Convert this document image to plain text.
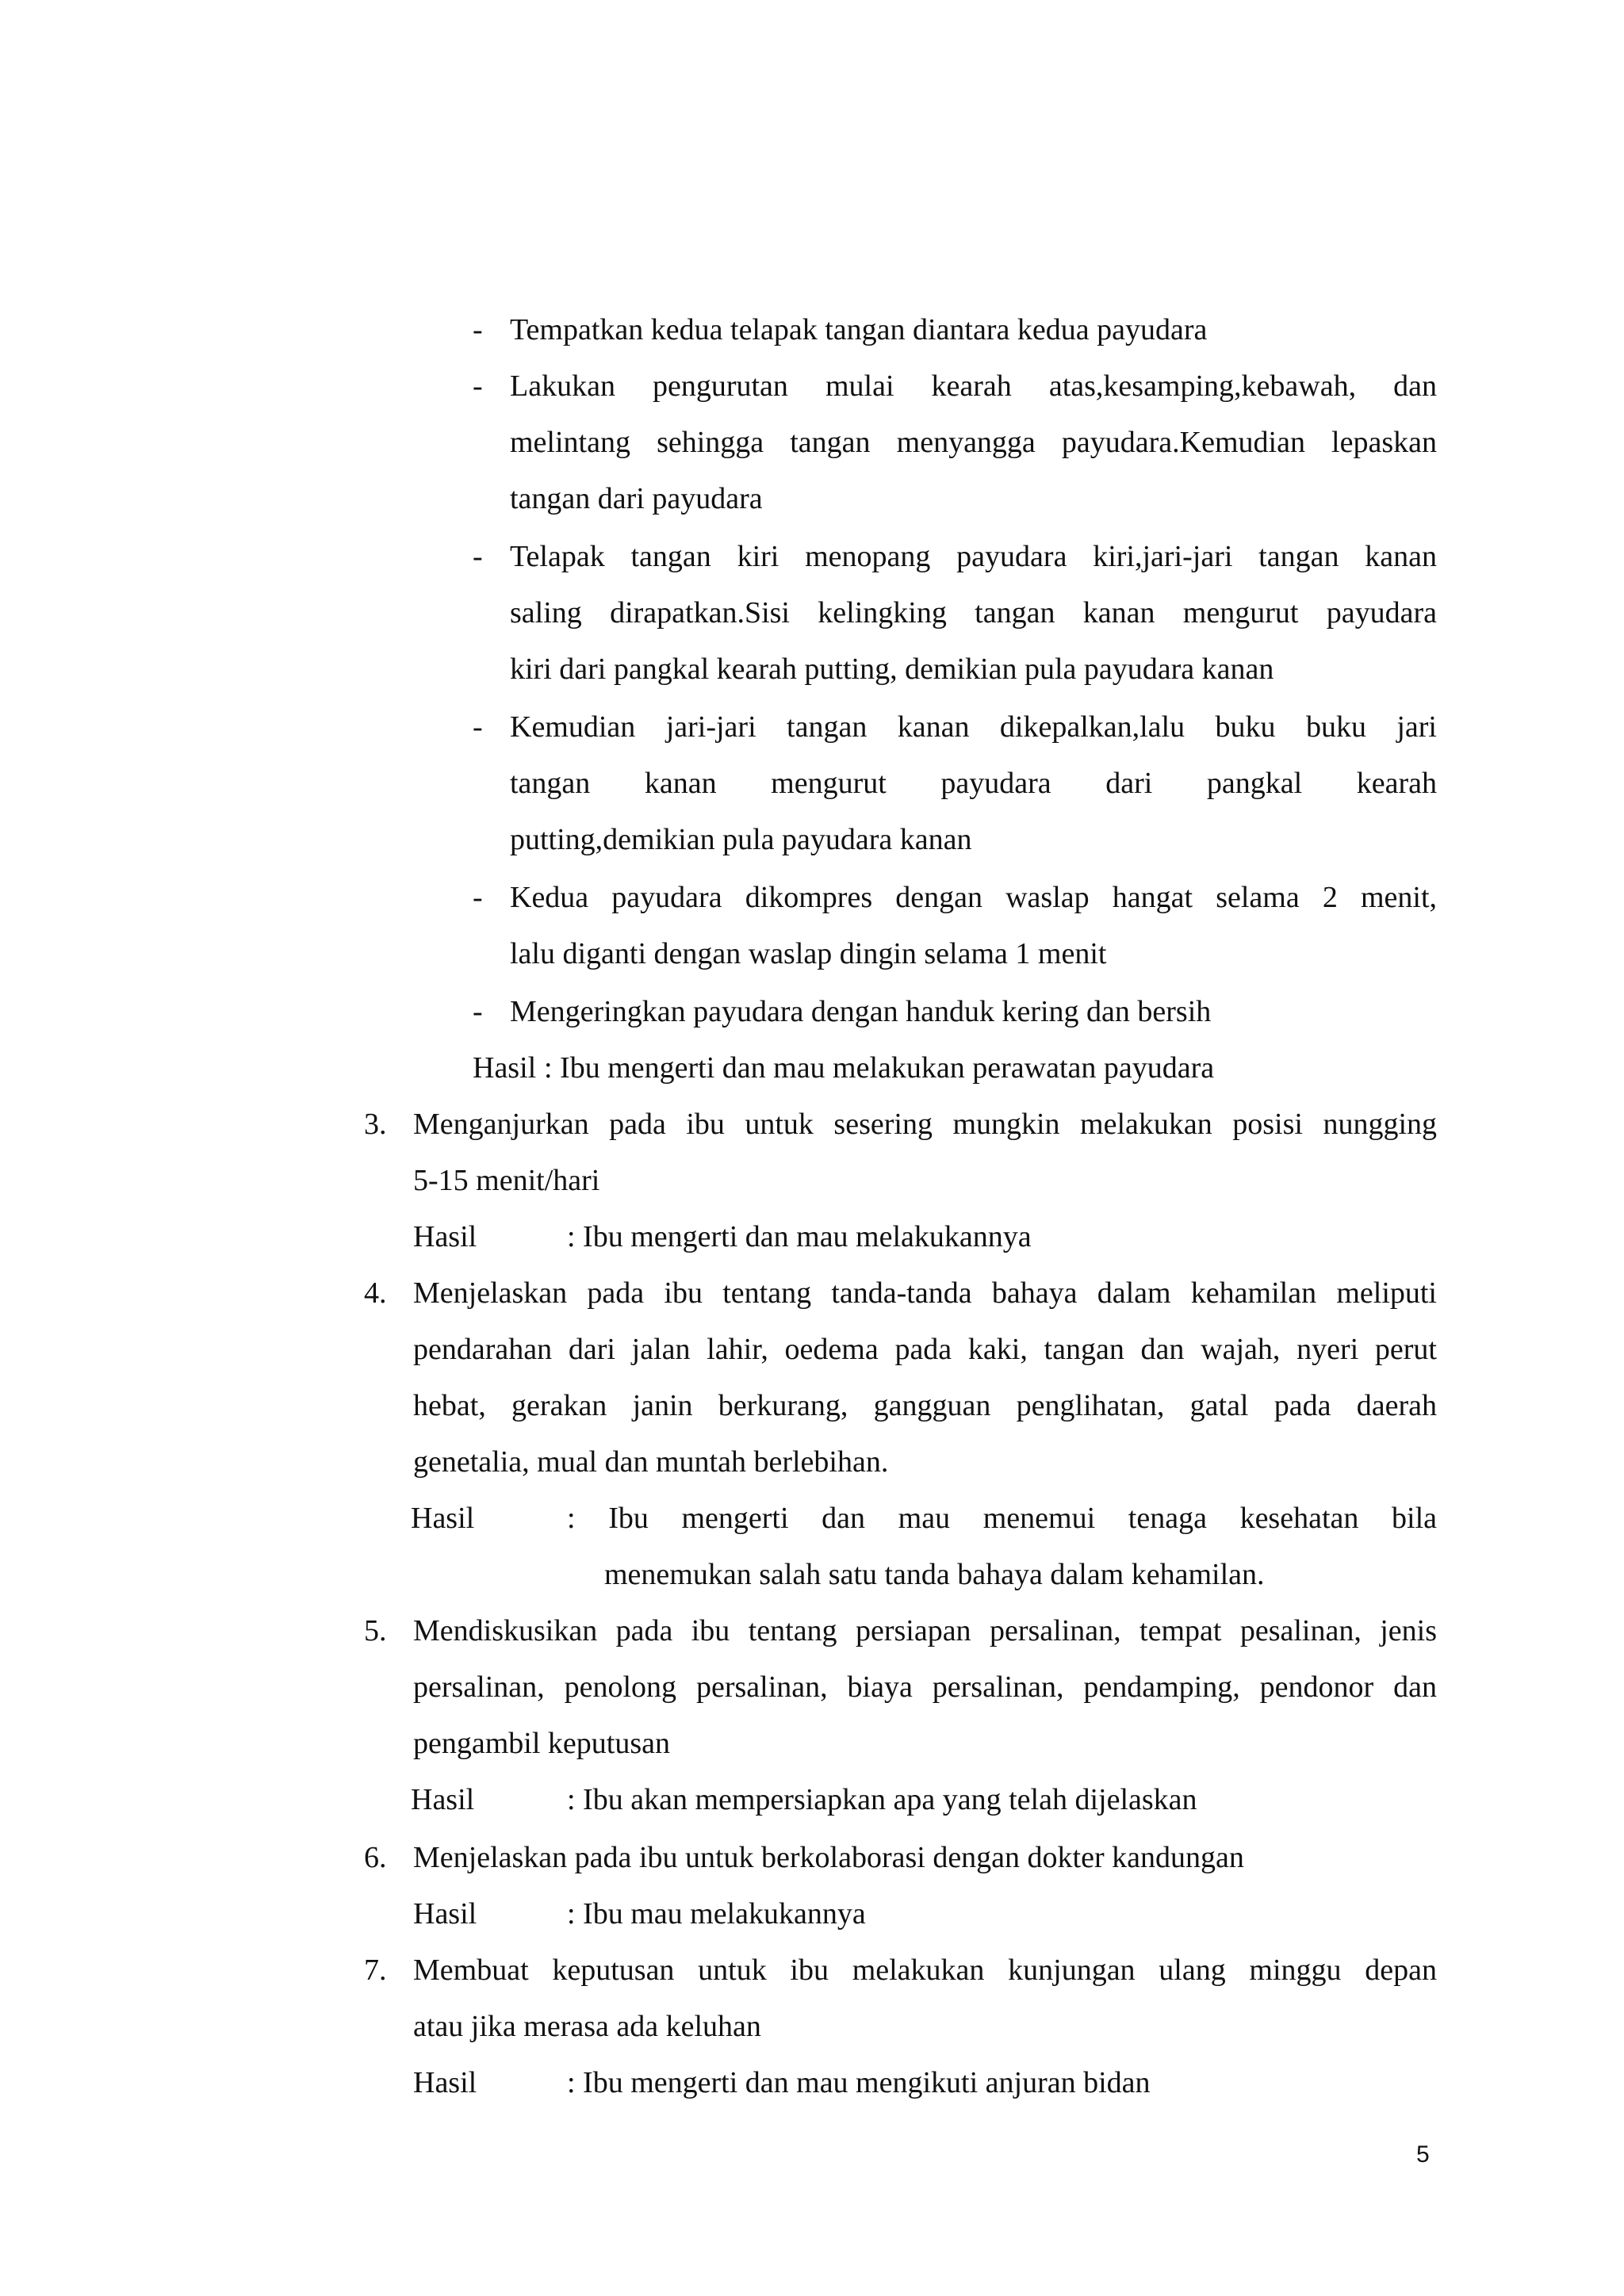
- Tempatkan kedua telapak tangan diantara kedua payudara
- Lakukan pengurutan mulai kearah atas,kesamping,kebawah, dan
melintang sehingga tangan menyangga payudara.Kemudian lepaskan
tangan dari payudara
- Telapak tangan kiri menopang payudara kiri,jari-jari tangan kanan
saling dirapatkan.Sisi kelingking tangan kanan mengurut payudara
kiri dari pangkal kearah putting, demikian pula payudara kanan
- Kemudian jari-jari tangan kanan dikepalkan,lalu buku buku jari
tangan kanan mengurut payudara dari pangkal kearah
putting,demikian pula payudara kanan
- Kedua payudara dikompres dengan waslap hangat selama 2 menit,
lalu diganti dengan waslap dingin selama 1 menit
- Mengeringkan payudara dengan handuk kering dan bersih
Hasil : Ibu mengerti dan mau melakukan perawatan payudara
3. Menganjurkan pada ibu untuk sesering mungkin melakukan posisi nungging
5-15 menit/hari
Hasil	: Ibu mengerti dan mau melakukannya
4. Menjelaskan pada ibu tentang tanda-tanda bahaya dalam kehamilan meliputi
pendarahan dari jalan lahir, oedema pada kaki, tangan dan wajah, nyeri perut
hebat, gerakan janin berkurang, gangguan penglihatan, gatal pada daerah
genetalia, mual dan muntah berlebihan.
Hasil	: Ibu mengerti dan mau menemui tenaga kesehatan bila
menemukan salah satu tanda bahaya dalam kehamilan.
5. Mendiskusikan pada ibu tentang persiapan persalinan, tempat pesalinan, jenis
persalinan, penolong persalinan, biaya persalinan, pendamping, pendonor dan
pengambil keputusan
Hasil	: Ibu akan mempersiapkan apa yang telah dijelaskan
6. Menjelaskan pada ibu untuk berkolaborasi dengan dokter kandungan
Hasil	: Ibu mau melakukannya
7. Membuat keputusan untuk ibu melakukan kunjungan ulang minggu depan
atau jika merasa ada keluhan
Hasil	: Ibu mengerti dan mau mengikuti anjuran bidan
5
